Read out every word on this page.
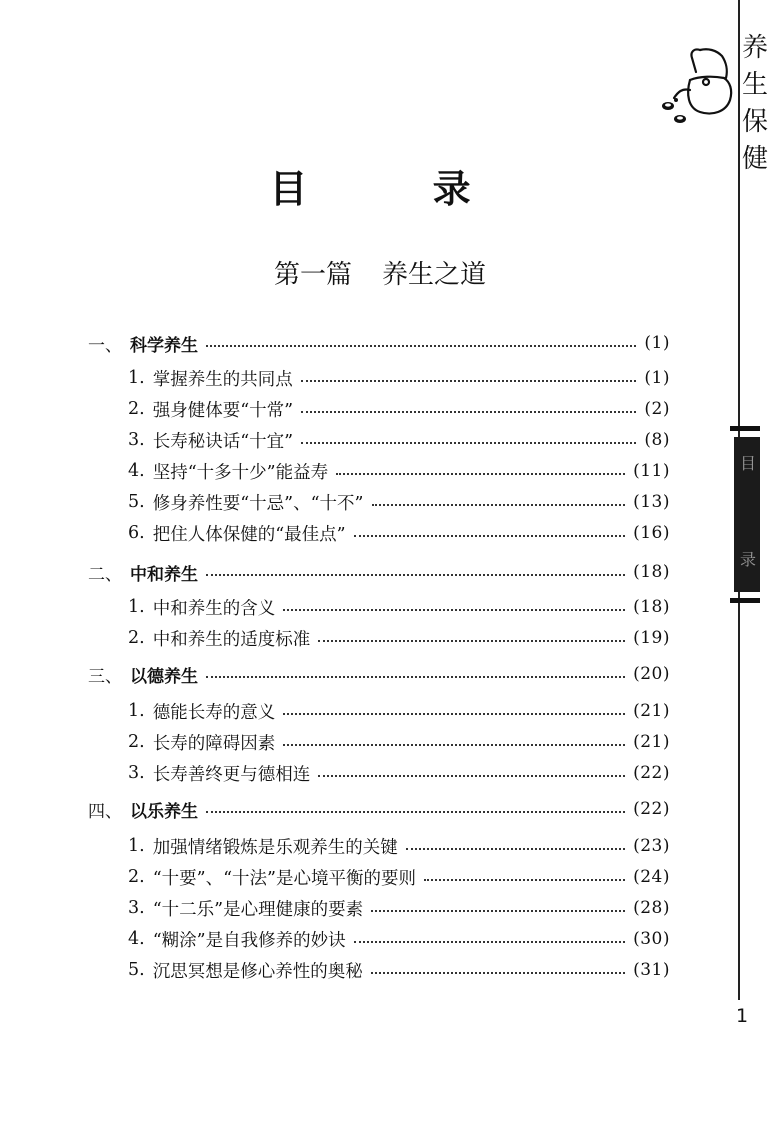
养生保健
目
录
目 录
第一篇 养生之道
一、 科学养生	(1)
1. 掌握养生的共同点	(1)
2. 强身健体要“十常”	(2)
3. 长寿秘诀话“十宜”	(8)
4. 坚持“十多十少”能益寿	(11)
5. 修身养性要“十忌”、“十不”	(13)
6. 把住人体保健的“最佳点”	(16)
二、 中和养生	(18)
1. 中和养生的含义	(18)
2. 中和养生的适度标准	(19)
三、 以德养生	(20)
1. 德能长寿的意义	(21)
2. 长寿的障碍因素	(21)
3. 长寿善终更与德相连	(22)
四、 以乐养生	(22)
1. 加强情绪锻炼是乐观养生的关键	(23)
2. “十要”、“十法”是心境平衡的要则	(24)
3. “十二乐”是心理健康的要素	(28)
4. “糊涂”是自我修养的妙诀	(30)
5. 沉思冥想是修心养性的奥秘	(31)
1
